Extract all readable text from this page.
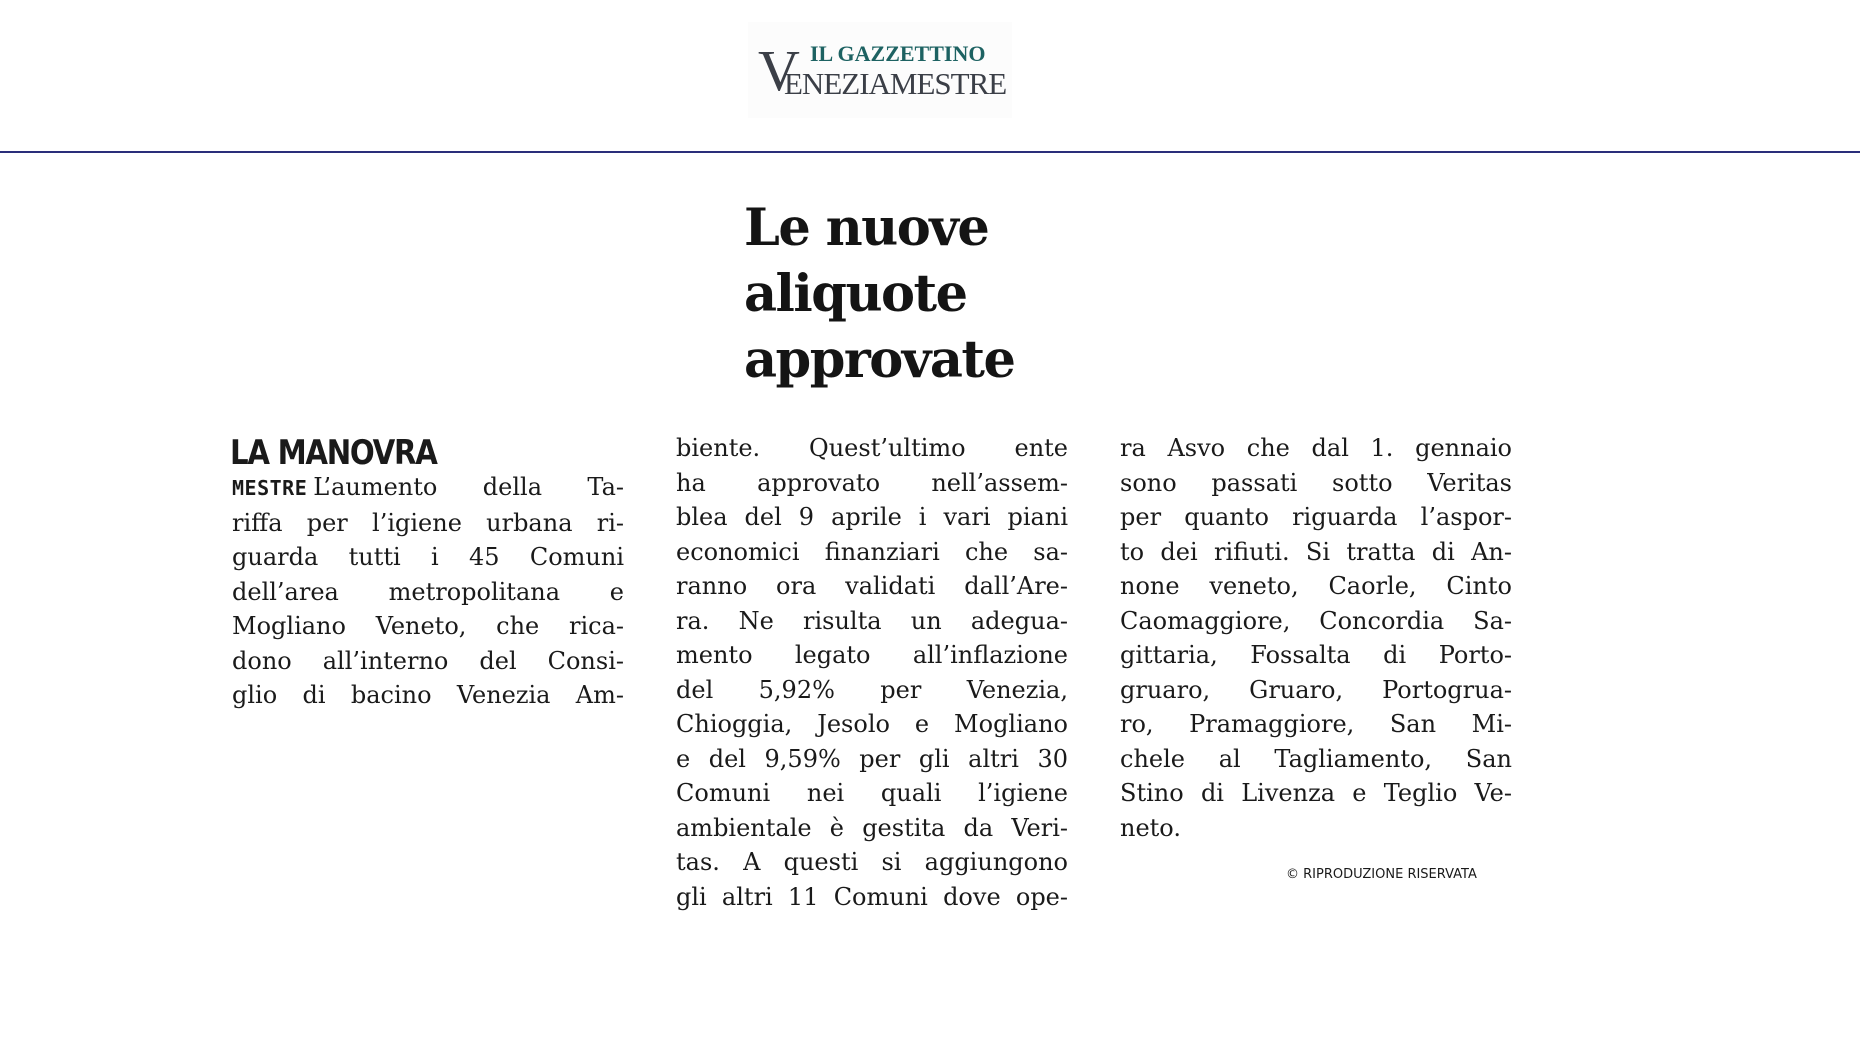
V IL GAZZETTINO
ENEZIAMESTRE
Le nuove
aliquote
approvate
LA MANOVRA
MESTRE L’aumento della Ta-
riffa per l’igiene urbana ri-
guarda tutti i 45 Comuni
dell’area metropolitana e
Mogliano Veneto, che rica-
dono all’interno del Consi-
glio di bacino Venezia Am-
biente. Quest’ultimo ente
ha approvato nell’assem-
blea del 9 aprile i vari piani
economici finanziari che sa-
ranno ora validati dall’Are-
ra. Ne risulta un adegua-
mento legato all’inflazione
del 5,92% per Venezia,
Chioggia, Jesolo e Mogliano
e del 9,59% per gli altri 30
Comuni nei quali l’igiene
ambientale è gestita da Veri-
tas. A questi si aggiungono
gli altri 11 Comuni dove ope-
ra Asvo che dal 1. gennaio
sono passati sotto Veritas
per quanto riguarda l’aspor-
to dei rifiuti. Si tratta di An-
none veneto, Caorle, Cinto
Caomaggiore, Concordia Sa-
gittaria, Fossalta di Porto-
gruaro, Gruaro, Portogrua-
ro, Pramaggiore, San Mi-
chele al Tagliamento, San
Stino di Livenza e Teglio Ve-
neto.
© RIPRODUZIONE RISERVATA
